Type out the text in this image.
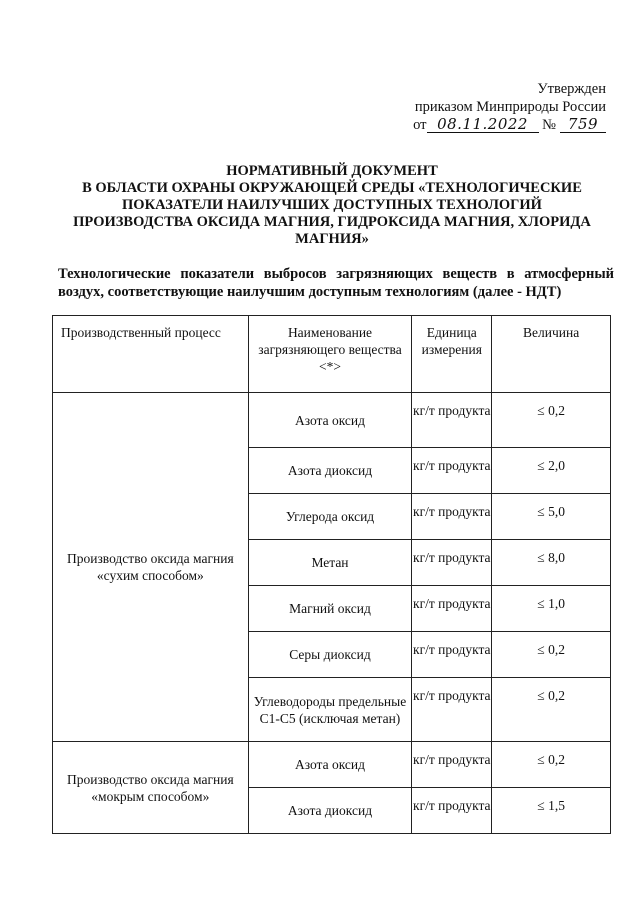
Утвержден
приказом Минприроды России
от 08.11.2022 № 759
НОРМАТИВНЫЙ ДОКУМЕНТ
В ОБЛАСТИ ОХРАНЫ ОКРУЖАЮЩЕЙ СРЕДЫ «ТЕХНОЛОГИЧЕСКИЕ
ПОКАЗАТЕЛИ НАИЛУЧШИХ ДОСТУПНЫХ ТЕХНОЛОГИЙ
ПРОИЗВОДСТВА ОКСИДА МАГНИЯ, ГИДРОКСИДА МАГНИЯ, ХЛОРИДА
МАГНИЯ»
Технологические показатели выбросов загрязняющих веществ в атмосферный воздух, соответствующие наилучшим доступным технологиям (далее - НДТ)
Производственный процесс	Наименование загрязняющего вещества <*>	Единица измерения	Величина
Производство оксида магния «сухим способом»	Азота оксид	кг/т продукта	≤ 0,2
	Азота диоксид	кг/т продукта	≤ 2,0
	Углерода оксид	кг/т продукта	≤ 5,0
	Метан	кг/т продукта	≤ 8,0
	Магний оксид	кг/т продукта	≤ 1,0
	Серы диоксид	кг/т продукта	≤ 0,2
	Углеводороды предельные С1-С5 (исключая метан)	кг/т продукта	≤ 0,2
Производство оксида магния «мокрым способом»	Азота оксид	кг/т продукта	≤ 0,2
	Азота диоксид	кг/т продукта	≤ 1,5
